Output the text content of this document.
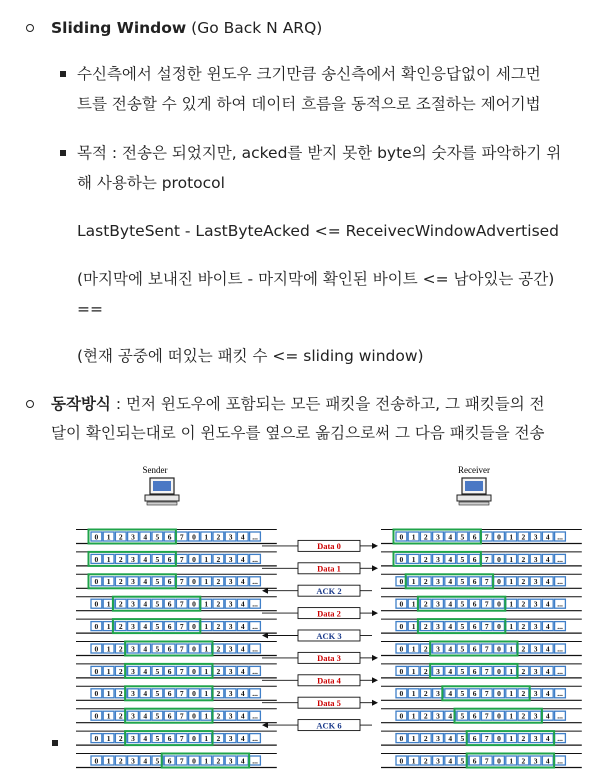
Sliding Window (Go Back N ARQ)
수신측에서 설정한 윈도우 크기만큼 송신측에서 확인응답없이 세그먼
트를 전송할 수 있게 하여 데이터 흐름을 동적으로 조절하는 제어기법
목적 : 전송은 되었지만, acked를 받지 못한 byte의 숫자를 파악하기 위
해 사용하는 protocol
LastByteSent - LastByteAcked <= ReceivecWindowAdvertised
(마지막에 보내진 바이트 - 마지막에 확인된 바이트 <= 남아있는 공간)
==
(현재 공중에 떠있는 패킷 수 <= sliding window)
동작방식 : 먼저 윈도우에 포함되는 모든 패킷을 전송하고, 그 패킷들의 전
달이 확인되는대로 이 윈도우를 옆으로 옮김으로써 그 다음 패킷들을 전송
Sender	Receiver
0 1 2 3 4 5 6 7 0 1 2 3 4 ...	0 1 2 3 4 5 6 7 0 1 2 3 4 ...
0 1 2 3 4 5 6 7 0 1 2 3 4 ...	0 1 2 3 4 5 6 7 0 1 2 3 4 ...
0 1 2 3 4 5 6 7 0 1 2 3 4 ...	0 1 2 3 4 5 6 7 0 1 2 3 4 ...
0 1 2 3 4 5 6 7 0 1 2 3 4 ...	0 1 2 3 4 5 6 7 0 1 2 3 4 ...
0 1 2 3 4 5 6 7 0 1 2 3 4 ...	0 1 2 3 4 5 6 7 0 1 2 3 4 ...
0 1 2 3 4 5 6 7 0 1 2 3 4 ...	0 1 2 3 4 5 6 7 0 1 2 3 4 ...
0 1 2 3 4 5 6 7 0 1 2 3 4 ...	0 1 2 3 4 5 6 7 0 1 2 3 4 ...
0 1 2 3 4 5 6 7 0 1 2 3 4 ...	0 1 2 3 4 5 6 7 0 1 2 3 4 ...
0 1 2 3 4 5 6 7 0 1 2 3 4 ...	0 1 2 3 4 5 6 7 0 1 2 3 4 ...
0 1 2 3 4 5 6 7 0 1 2 3 4 ...	0 1 2 3 4 5 6 7 0 1 2 3 4 ...
0 1 2 3 4 5 6 7 0 1 2 3 4 ...	0 1 2 3 4 5 6 7 0 1 2 3 4 ...
Data 0
Data 1
ACK 2
Data 2
ACK 3
Data 3
Data 4
Data 5
ACK 6
